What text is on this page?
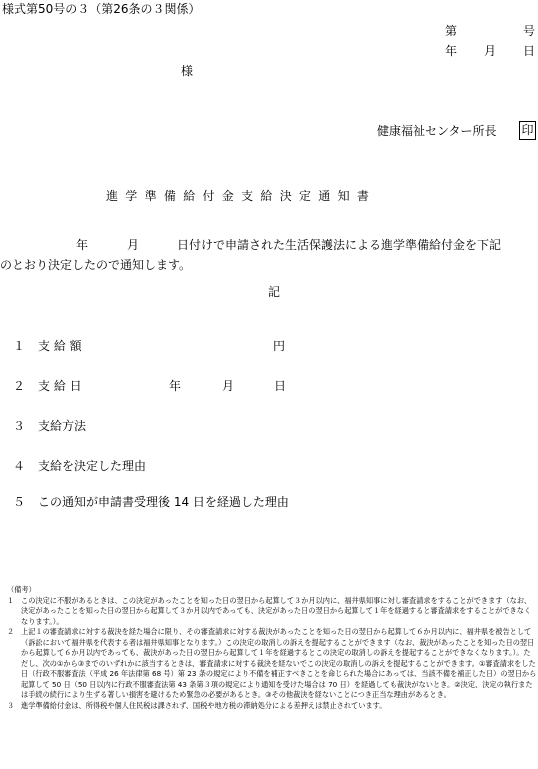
様式第50号の３（第26条の３関係）
第	号
年 月 日
様
健康福祉センター所長 印
進学準備給付金支給決定通知書
年	月	日付けで申請された生活保護法による進学準備給付金を下記
のとおり決定したので通知します。
記
１ 支 給 額	円
２ 支 給 日	年	月	日
３ 支給方法
４ 支給を決定した理由
５ この通知が申請書受理後 14 日を経過した理由
（備考）
１ この決定に不服があるときは、この決定があったことを知った日の翌日から起算して３か月以内に、福井県知事に対し審査請求をすることができます（なお、決定があったことを知った日の翌日から起算して３か月以内であっても、決定があった日の翌日から起算して１年を経過すると審査請求をすることができなくなります。）。
２ 上記１の審査請求に対する裁決を経た場合に限り、その審査請求に対する裁決があったことを知った日の翌日から起算して６か月以内に、福井県を被告として（訴訟において福井県を代表する者は福井県知事となります。）この決定の取消しの訴えを提起することができます（なお、裁決があったことを知った日の翌日から起算して６か月以内であっても、裁決があった日の翌日から起算して１年を経過するとこの決定の取消しの訴えを提起することができなくなります。）。ただし、次の①から③までのいずれかに該当するときは、審査請求に対する裁決を経ないでこの決定の取消しの訴えを提起することができます。①審査請求をした日（行政不服審査法（平成 26 年法律第 68 号）第 23 条の規定により不備を補正すべきことを命じられた場合にあっては、当該不備を補正した日）の翌日から起算して 50 日（50 日以内に行政不服審査法第 43 条第３項の規定により通知を受けた場合は 70 日）を経過しても裁決がないとき。②決定、決定の執行または手続の続行により生ずる著しい損害を避けるため緊急の必要があるとき。③その他裁決を経ないことにつき正当な理由があるとき。
３ 進学準備給付金は、所得税や個人住民税は課されず、国税や地方税の滞納処分による差押えは禁止されています。
